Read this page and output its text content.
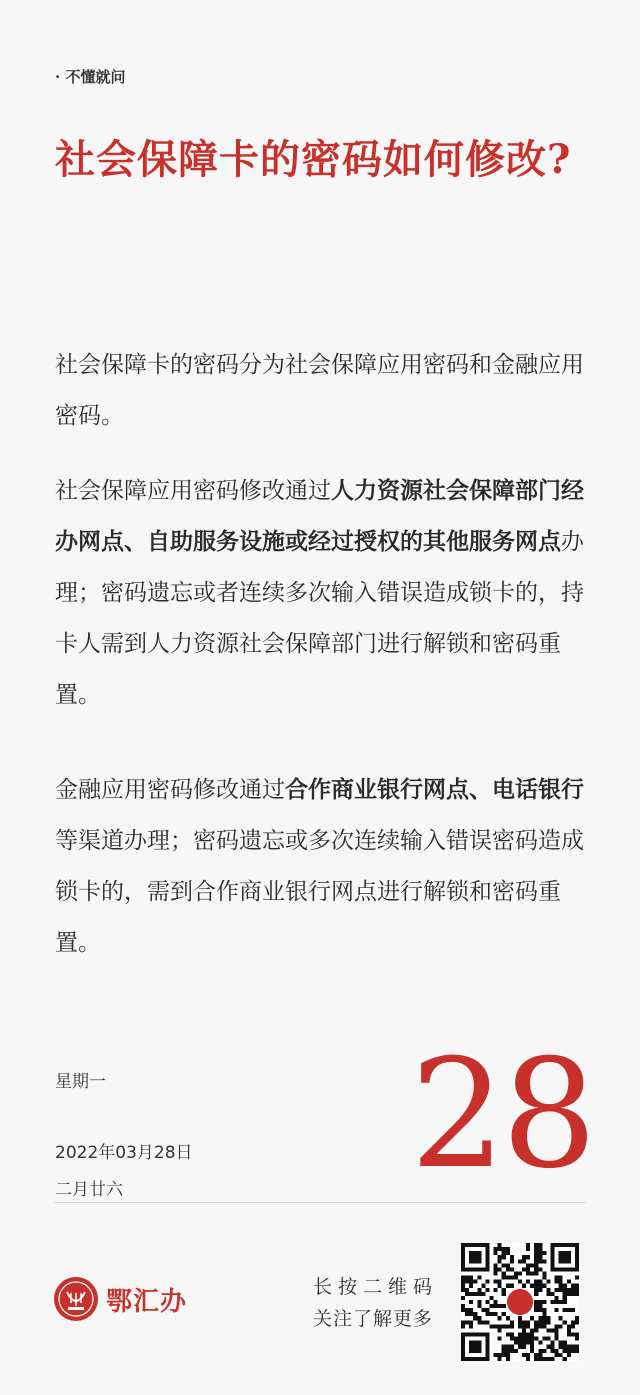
· 不懂就问
社会保障卡的密码如何修改?
社会保障卡的密码分为社会保障应用密码和金融应用密码。
社会保障应用密码修改通过人力资源社会保障部门经办网点、自助服务设施或经过授权的其他服务网点办理；密码遗忘或者连续多次输入错误造成锁卡的，持卡人需到人力资源社会保障部门进行解锁和密码重置。
金融应用密码修改通过合作商业银行网点、电话银行等渠道办理；密码遗忘或多次连续输入错误密码造成锁卡的，需到合作商业银行网点进行解锁和密码重置。
星期一
2022年03月28日
二月廿六 28
鄂汇办	长按二维码
关注了解更多
